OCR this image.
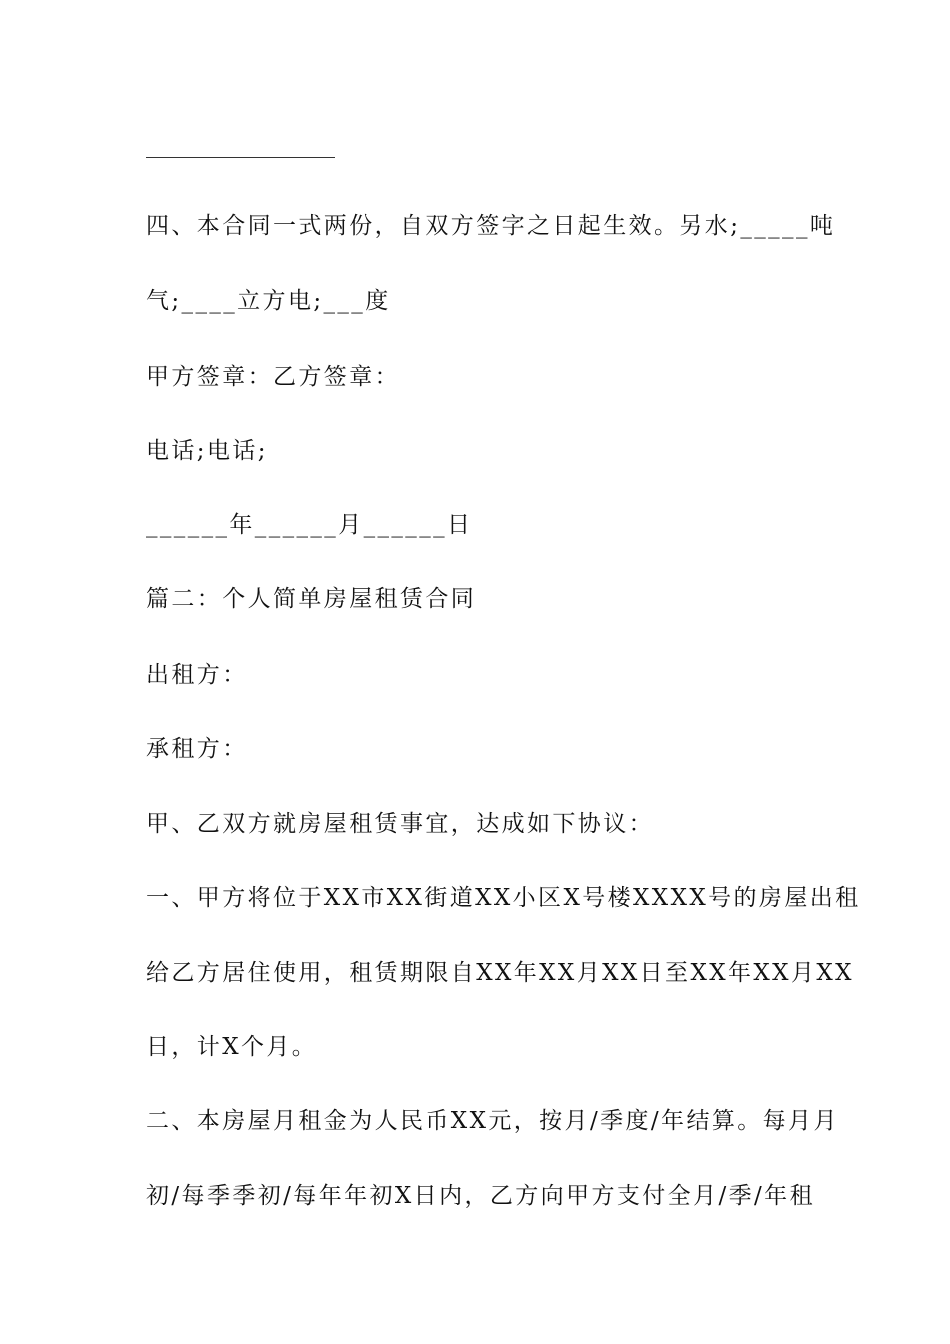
四、本合同一式两份，自双方签字之日起生效。另水;_____吨
气;____立方电;___度
甲方签章：乙方签章：
电话;电话;
______年______月______日
篇二：个人简单房屋租赁合同
出租方：
承租方：
甲、乙双方就房屋租赁事宜，达成如下协议：
一、甲方将位于XX市XX街道XX小区X号楼XXXX号的房屋出租
给乙方居住使用，租赁期限自XX年XX月XX日至XX年XX月XX
日，计X个月。
二、本房屋月租金为人民币XX元，按月/季度/年结算。每月月
初/每季季初/每年年初X日内，乙方向甲方支付全月/季/年租
